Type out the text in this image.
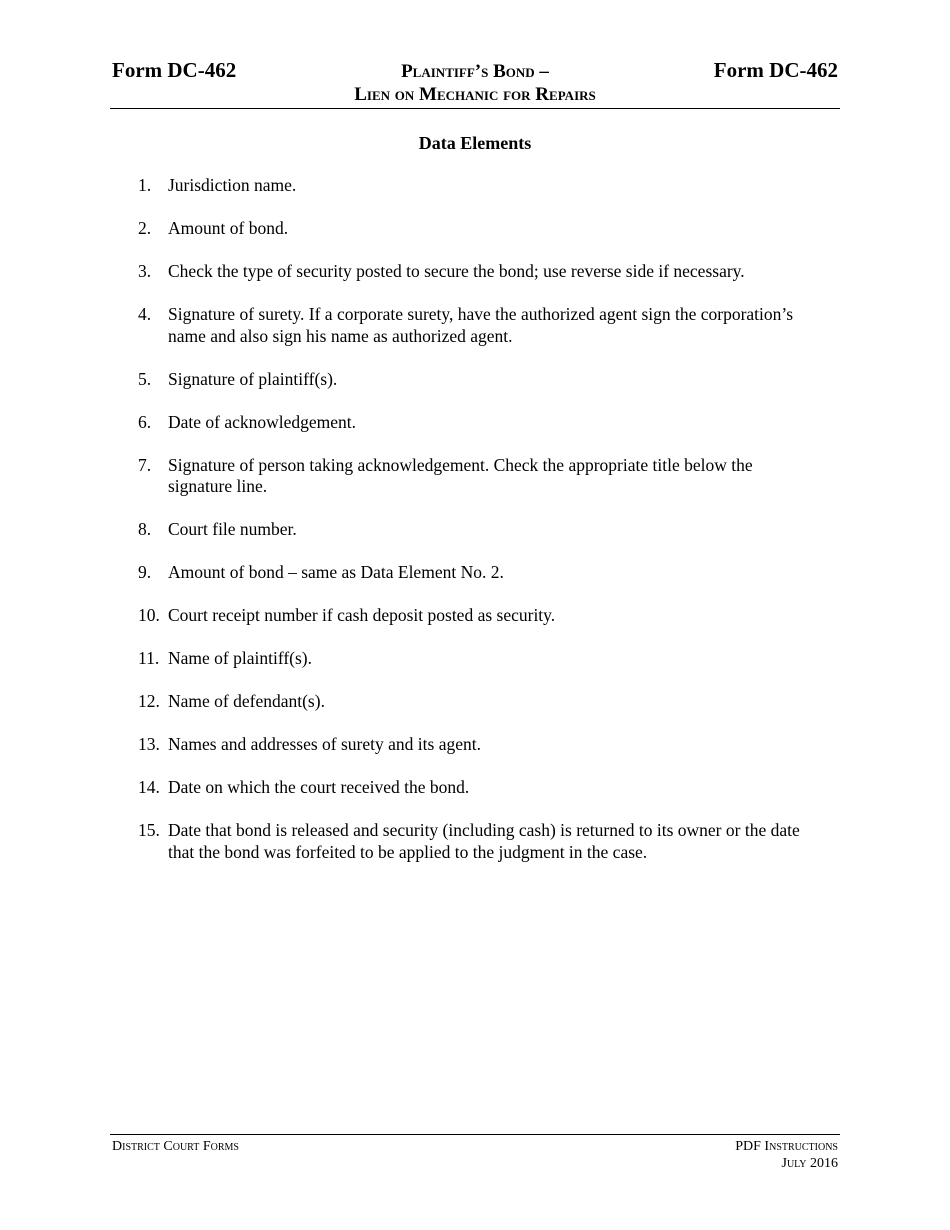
Form DC-462	Plaintiff’s Bond –
Lien on Mechanic for Repairs
Form DC-462
Data Elements
1. Jurisdiction name.
2. Amount of bond.
3. Check the type of security posted to secure the bond; use reverse side if necessary.
4. Signature of surety. If a corporate surety, have the authorized agent sign the corporation’s name and also sign his name as authorized agent.
5. Signature of plaintiff(s).
6. Date of acknowledgement.
7. Signature of person taking acknowledgement. Check the appropriate title below the signature line.
8. Court file number.
9. Amount of bond – same as Data Element No. 2.
10. Court receipt number if cash deposit posted as security.
11. Name of plaintiff(s).
12. Name of defendant(s).
13. Names and addresses of surety and its agent.
14. Date on which the court received the bond.
15. Date that bond is released and security (including cash) is returned to its owner or the date that the bond was forfeited to be applied to the judgment in the case.
District Court Forms	PDF Instructions
July 2016
